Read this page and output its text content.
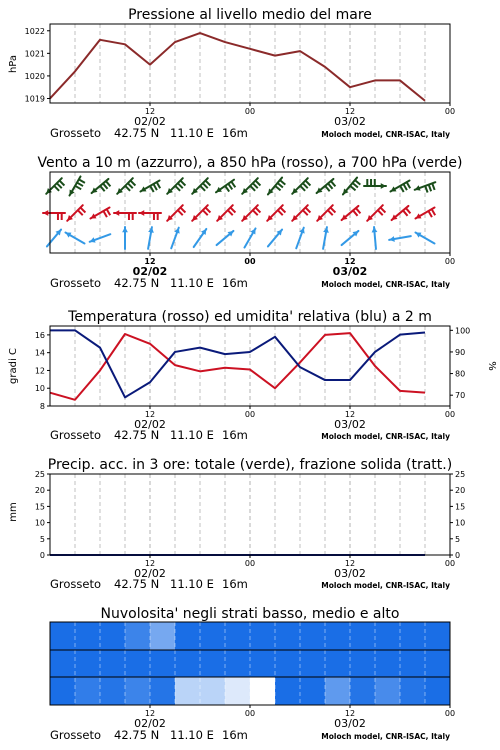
Pressione al livello medio del mare
hPa
1019
1020
1021
1022
12	00	12	00
02/02	03/02
Grosseto 42.75 N 11.10 E 16m	Moloch model, CNR-ISAC, Italy
Vento a 10 m (azzurro), a 850 hPa (rosso), a 700 hPa (verde)
12	00	12	00
02/02	03/02
Grosseto 42.75 N 11.10 E 16m	Moloch model, CNR-ISAC, Italy
Temperatura (rosso) ed umidita' relativa (blu) a 2 m
gradi C	%
8
10
12
14
16
70
80
90
100
12	00	12	00
02/02	03/02
Grosseto 42.75 N 11.10 E 16m	Moloch model, CNR-ISAC, Italy
Precip. acc. in 3 ore: totale (verde), frazione solida (tratt.)
mm
0
5
10
15
20
25
0
5
10
15
20
25
12	00	12	00
02/02	03/02
Grosseto 42.75 N 11.10 E 16m	Moloch model, CNR-ISAC, Italy
Nuvolosita' negli strati basso, medio e alto
12	00	12	00
02/02	03/02
Grosseto 42.75 N 11.10 E 16m	Moloch model, CNR-ISAC, Italy
